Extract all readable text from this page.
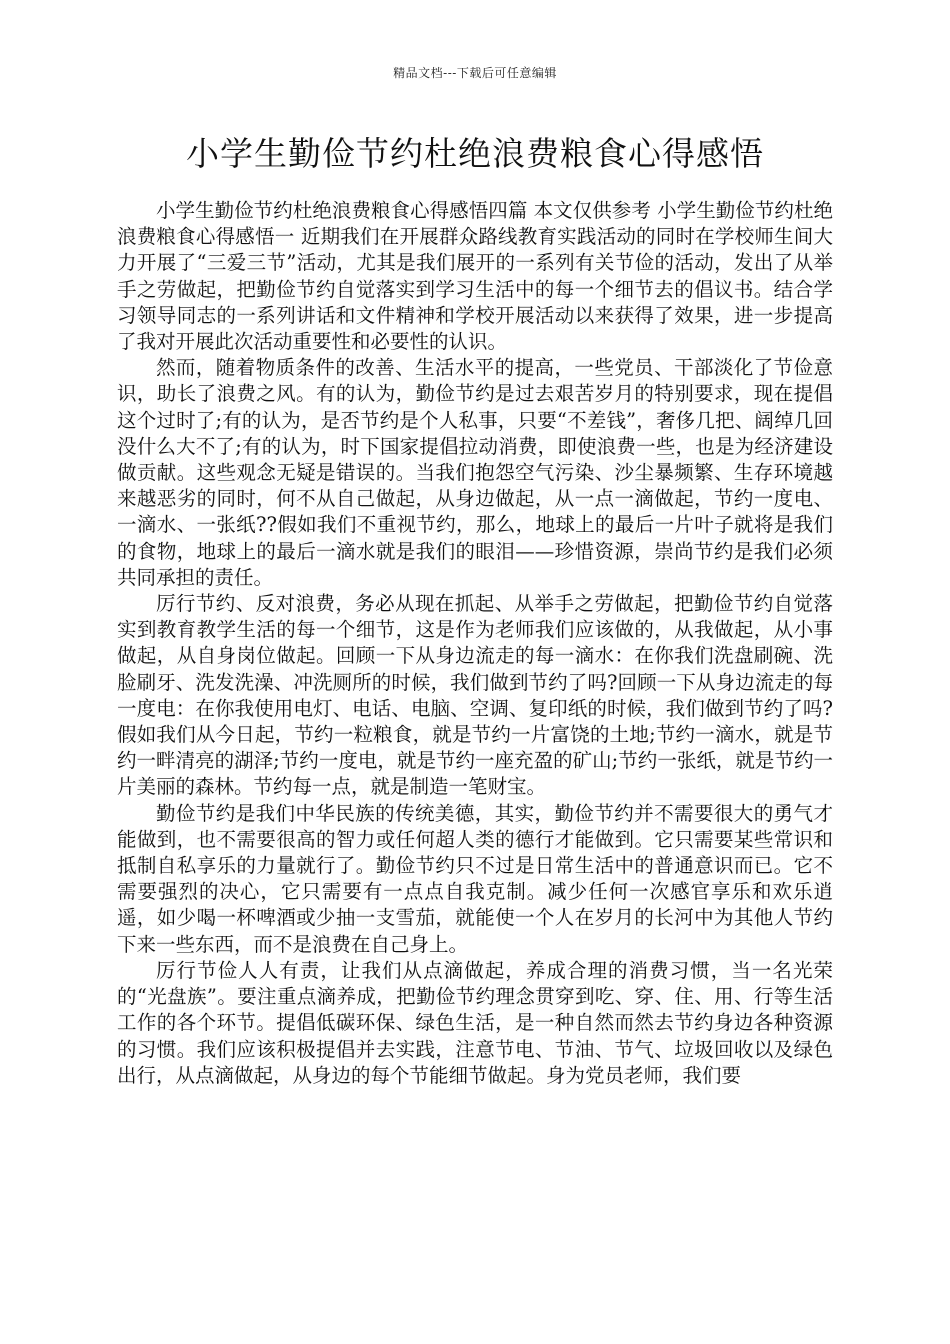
精品文档---下载后可任意编辑
小学生勤俭节约杜绝浪费粮食心得感悟

小学生勤俭节约杜绝浪费粮食心得感悟四篇 本文仅供参考 小学生勤俭节约杜绝浪费粮食心得感悟一 近期我们在开展群众路线教育实践活动的同时在学校师生间大力开展了“三爱三节”活动，尤其是我们展开的一系列有关节俭的活动，发出了从举手之劳做起，把勤俭节约自觉落实到学习生活中的每一个细节去的倡议书。结合学习领导同志的一系列讲话和文件精神和学校开展活动以来获得了效果，进一步提高了我对开展此次活动重要性和必要性的认识。

然而，随着物质条件的改善、生活水平的提高，一些党员、干部淡化了节俭意识，助长了浪费之风。有的认为，勤俭节约是过去艰苦岁月的特别要求，现在提倡这个过时了;有的认为，是否节约是个人私事，只要“不差钱”，奢侈几把、阔绰几回没什么大不了;有的认为，时下国家提倡拉动消费，即使浪费一些，也是为经济建设做贡献。这些观念无疑是错误的。当我们抱怨空气污染、沙尘暴频繁、生存环境越来越恶劣的同时，何不从自己做起，从身边做起，从一点一滴做起，节约一度电、一滴水、一张纸??假如我们不重视节约，那么，地球上的最后一片叶子就将是我们的食物，地球上的最后一滴水就是我们的眼泪——珍惜资源，崇尚节约是我们必须共同承担的责任。

厉行节约、反对浪费，务必从现在抓起、从举手之劳做起，把勤俭节约自觉落实到教育教学生活的每一个细节，这是作为老师我们应该做的，从我做起，从小事做起，从自身岗位做起。回顾一下从身边流走的每一滴水：在你我们洗盘刷碗、洗脸刷牙、洗发洗澡、冲洗厕所的时候，我们做到节约了吗?回顾一下从身边流走的每一度电：在你我使用电灯、电话、电脑、空调、复印纸的时候，我们做到节约了吗?假如我们从今日起，节约一粒粮食，就是节约一片富饶的土地;节约一滴水，就是节约一畔清亮的湖泽;节约一度电，就是节约一座充盈的矿山;节约一张纸，就是节约一片美丽的森林。节约每一点，就是制造一笔财宝。

勤俭节约是我们中华民族的传统美德，其实，勤俭节约并不需要很大的勇气才能做到，也不需要很高的智力或任何超人类的德行才能做到。它只需要某些常识和抵制自私享乐的力量就行了。勤俭节约只不过是日常生活中的普通意识而已。它不需要强烈的决心，它只需要有一点点自我克制。减少任何一次感官享乐和欢乐逍遥，如少喝一杯啤酒或少抽一支雪茄，就能使一个人在岁月的长河中为其他人节约下来一些东西，而不是浪费在自己身上。

厉行节俭人人有责，让我们从点滴做起，养成合理的消费习惯，当一名光荣的“光盘族”。要注重点滴养成，把勤俭节约理念贯穿到吃、穿、住、用、行等生活工作的各个环节。提倡低碳环保、绿色生活，是一种自然而然去节约身边各种资源的习惯。我们应该积极提倡并去实践，注意节电、节油、节气、垃圾回收以及绿色出行，从点滴做起，从身边的每个节能细节做起。身为党员老师，我们要
